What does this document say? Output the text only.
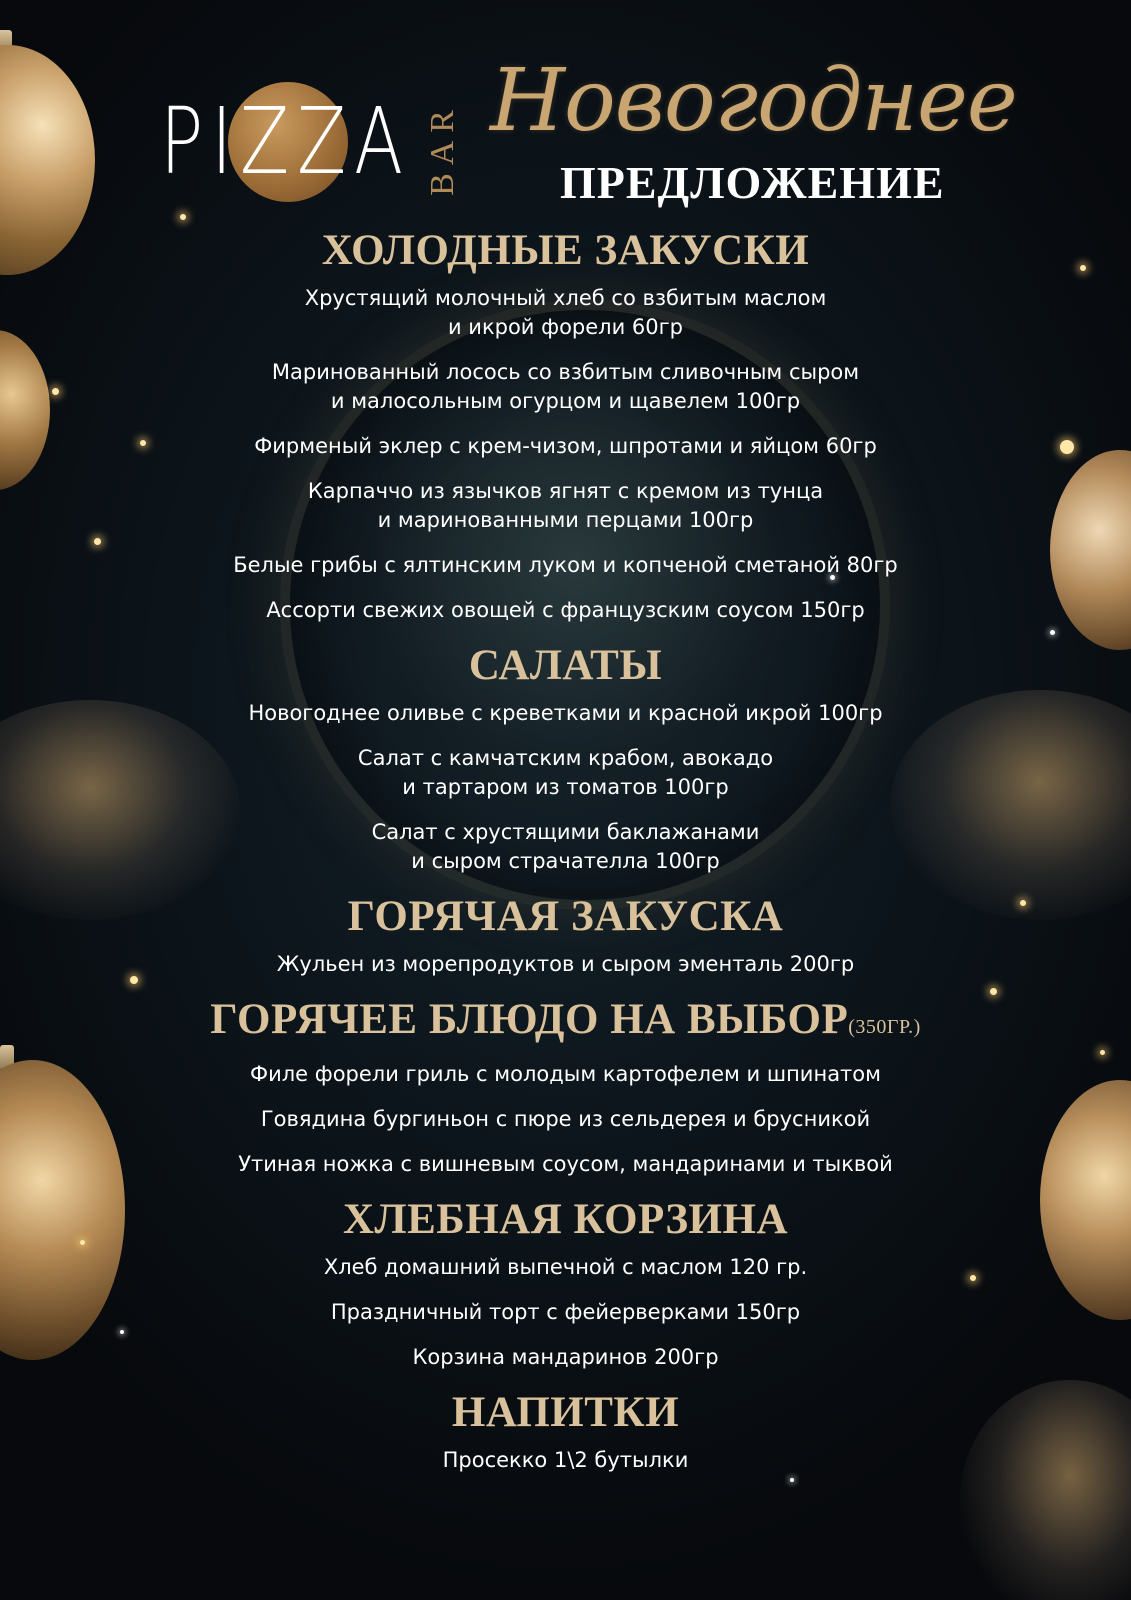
PIZZA BAR Новогоднее
ПРЕДЛОЖЕНИЕ
ХОЛОДНЫЕ ЗАКУСКИ

Хрустящий молочный хлеб со взбитым маслом

и икрой форели 60гр

Маринованный лосось со взбитым сливочным сыром

и малосольным огурцом и щавелем 100гр

Фирменый эклер с крем-чизом, шпротами и яйцом 60гр

Карпаччо из язычков ягнят с кремом из тунца

и маринованными перцами 100гр

Белые грибы с ялтинским луком и копченой сметаной 80гр

Ассорти свежих овощей с французским соусом 150гр

САЛАТЫ

Новогоднее оливье с креветками и красной икрой 100гр

Салат с камчатским крабом, авокадо

и тартаром из томатов 100гр

Салат с хрустящими баклажанами

и сыром страчателла 100гр

ГОРЯЧАЯ ЗАКУСКА

Жульен из морепродуктов и сыром эменталь 200гр

ГОРЯЧЕЕ БЛЮДО НА ВЫБОР(350ГР.)

Филе форели гриль с молодым картофелем и шпинатом

Говядина бургиньон с пюре из сельдерея и брусникой

Утиная ножка с вишневым соусом, мандаринами и тыквой

ХЛЕБНАЯ КОРЗИНА

Хлеб домашний выпечной с маслом 120 гр.

Праздничный торт с фейерверками 150гр

Корзина мандаринов 200гр

НАПИТКИ

Просекко 1\2 бутылки
